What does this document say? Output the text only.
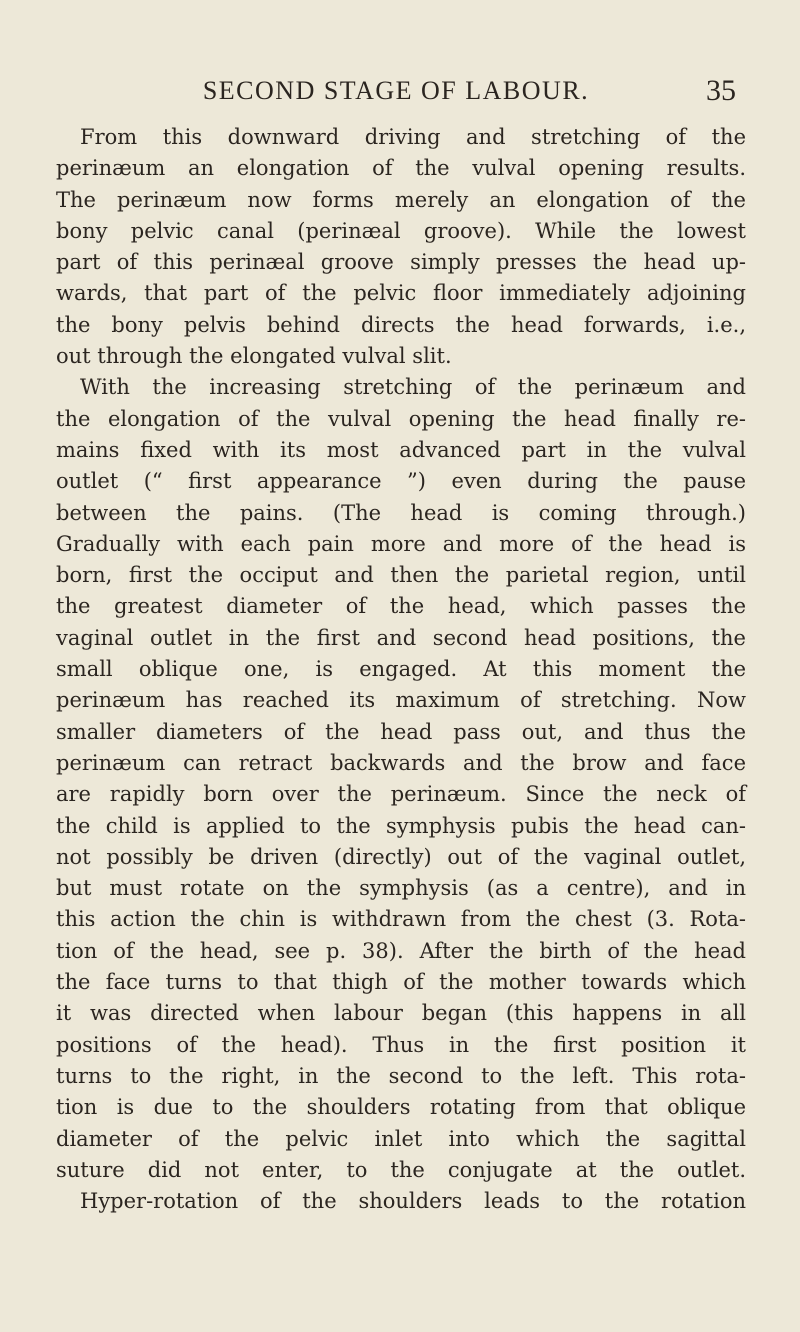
SECOND STAGE OF LABOUR.	35
From this downward driving and stretching of the
perinæum an elongation of the vulval opening results.
The perinæum now forms merely an elongation of the
bony pelvic canal (perinæal groove). While the lowest
part of this perinæal groove simply presses the head up-
wards, that part of the pelvic floor immediately adjoining
the bony pelvis behind directs the head forwards, i.e.,
out through the elongated vulval slit.
With the increasing stretching of the perinæum and
the elongation of the vulval opening the head finally re-
mains fixed with its most advanced part in the vulval
outlet (“ first appearance ”) even during the pause
between the pains. (The head is coming through.)
Gradually with each pain more and more of the head is
born, first the occiput and then the parietal region, until
the greatest diameter of the head, which passes the
vaginal outlet in the first and second head positions, the
small oblique one, is engaged. At this moment the
perinæum has reached its maximum of stretching. Now
smaller diameters of the head pass out, and thus the
perinæum can retract backwards and the brow and face
are rapidly born over the perinæum. Since the neck of
the child is applied to the symphysis pubis the head can-
not possibly be driven (directly) out of the vaginal outlet,
but must rotate on the symphysis (as a centre), and in
this action the chin is withdrawn from the chest (3. Rota-
tion of the head, see p. 38). After the birth of the head
the face turns to that thigh of the mother towards which
it was directed when labour began (this happens in all
positions of the head). Thus in the first position it
turns to the right, in the second to the left. This rota-
tion is due to the shoulders rotating from that oblique
diameter of the pelvic inlet into which the sagittal
suture did not enter, to the conjugate at the outlet.
Hyper-rotation of the shoulders leads to the rotation
